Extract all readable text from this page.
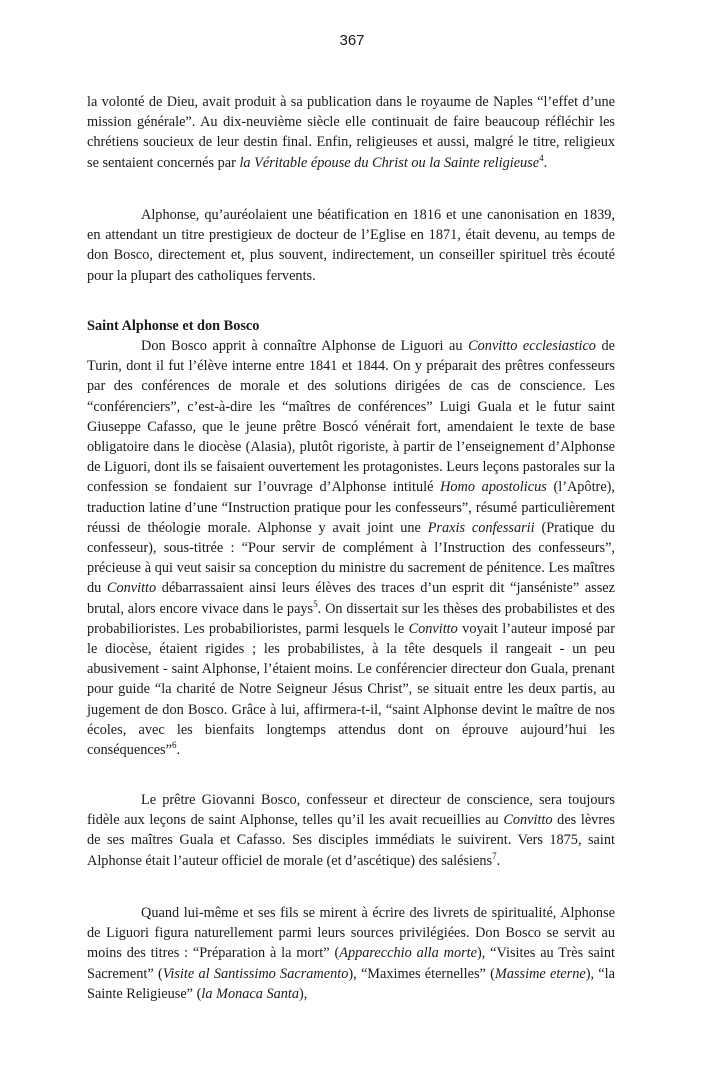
367

la volonté de Dieu, avait produit à sa publication dans le royaume de Naples “l’effet d’une mission générale”. Au dix-neuvième siècle elle continuait de faire beaucoup réfléchir les chrétiens soucieux de leur destin final. Enfin, religieuses et aussi, malgré le titre, religieux se sentaient concernés par la Véritable épouse du Christ ou la Sainte religieuse$^4$.

Alphonse, qu’auréolaient une béatification en 1816 et une canonisation en 1839, en attendant un titre prestigieux de docteur de l’Eglise en 1871, était devenu, au temps de don Bosco, directement et, plus souvent, indirectement, un conseiller spirituel très écouté pour la plupart des catholiques fervents.

Saint Alphonse et don Bosco

Don Bosco apprit à connaître Alphonse de Liguori au Convitto ecclesiastico de Turin, dont il fut l’élève interne entre 1841 et 1844. On y préparait des prêtres confesseurs par des conférences de morale et des solutions dirigées de cas de conscience. Les “conférenciers”, c’est-à-dire les “maîtres de conférences” Luigi Guala et le futur saint Giuseppe Cafasso, que le jeune prêtre Boscó vénérait fort, amendaient le texte de base obligatoire dans le diocèse (Alasia), plutôt rigoriste, à partir de l’enseignement d’Alphonse de Liguori, dont ils se faisaient ouvertement les protagonistes. Leurs leçons pastorales sur la confession se fondaient sur l’ouvrage d’Alphonse intitulé Homo apostolicus (l’Apôtre), traduction latine d’une “Instruction pratique pour les confesseurs”, résumé particulièrement réussi de théologie morale. Alphonse y avait joint une Praxis confessarii (Pratique du confesseur), sous-titrée : “Pour servir de complément à l’Instruction des confesseurs”, précieuse à qui veut saisir sa conception du ministre du sacrement de pénitence. Les maîtres du Convitto débarrassaient ainsi leurs élèves des traces d’un esprit dit “janséniste” assez brutal, alors encore vivace dans le pays$^5$. On dissertait sur les thèses des probabilistes et des probabilioristes. Les probabilioristes, parmi lesquels le Convitto voyait l’auteur imposé par le diocèse, étaient rigides ; les probabilistes, à la tête desquels il rangeait - un peu abusivement - saint Alphonse, l’étaient moins. Le conférencier directeur don Guala, prenant pour guide “la charité de Notre Seigneur Jésus Christ”, se situait entre les deux partis, au jugement de don Bosco. Grâce à lui, affirmera-t-il, “saint Alphonse devint le maître de nos écoles, avec les bienfaits longtemps attendus dont on éprouve aujourd’hui les conséquences”$^6$.

Le prêtre Giovanni Bosco, confesseur et directeur de conscience, sera toujours fidèle aux leçons de saint Alphonse, telles qu’il les avait recueillies au Convitto des lèvres de ses maîtres Guala et Cafasso. Ses disciples immédiats le suivirent. Vers 1875, saint Alphonse était l’auteur officiel de morale (et d’ascétique) des salésiens$^7$.

Quand lui-même et ses fils se mirent à écrire des livrets de spiritualité, Alphonse de Liguori figura naturellement parmi leurs sources privilégiées. Don Bosco se servit au moins des titres : “Préparation à la mort” (Apparecchio alla morte), “Visites au Très saint Sacrement” (Visite al Santissimo Sacramento), “Maximes éternelles” (Massime eterne), “la Sainte Religieuse” (la Monaca Santa),
